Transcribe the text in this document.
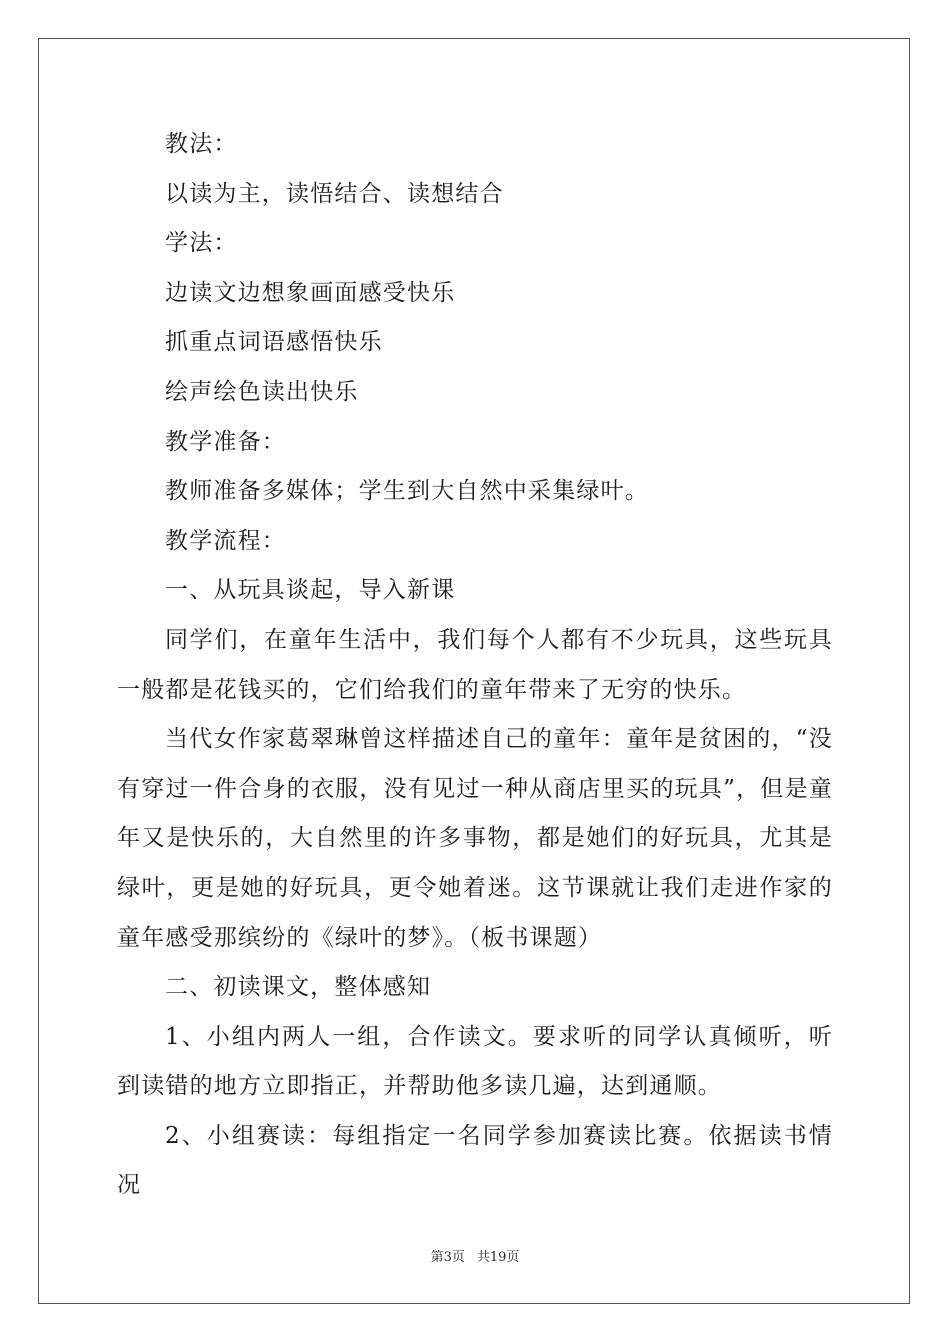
教法：

以读为主，读悟结合、读想结合

学法：

边读文边想象画面感受快乐

抓重点词语感悟快乐

绘声绘色读出快乐

教学准备：

教师准备多媒体；学生到大自然中采集绿叶。

教学流程：

一、从玩具谈起，导入新课

同学们，在童年生活中，我们每个人都有不少玩具，这些玩具一般都是花钱买的，它们给我们的童年带来了无穷的快乐。

当代女作家葛翠琳曾这样描述自己的童年：童年是贫困的，“没有穿过一件合身的衣服，没有见过一种从商店里买的玩具”，但是童年又是快乐的，大自然里的许多事物，都是她们的好玩具，尤其是绿叶，更是她的好玩具，更令她着迷。这节课就让我们走进作家的童年感受那缤纷的《绿叶的梦》。（板书课题）

二、初读课文，整体感知

1、小组内两人一组，合作读文。要求听的同学认真倾听，听到读错的地方立即指正，并帮助他多读几遍，达到通顺。

2、小组赛读：每组指定一名同学参加赛读比赛。依据读书情况

第3页 共19页
